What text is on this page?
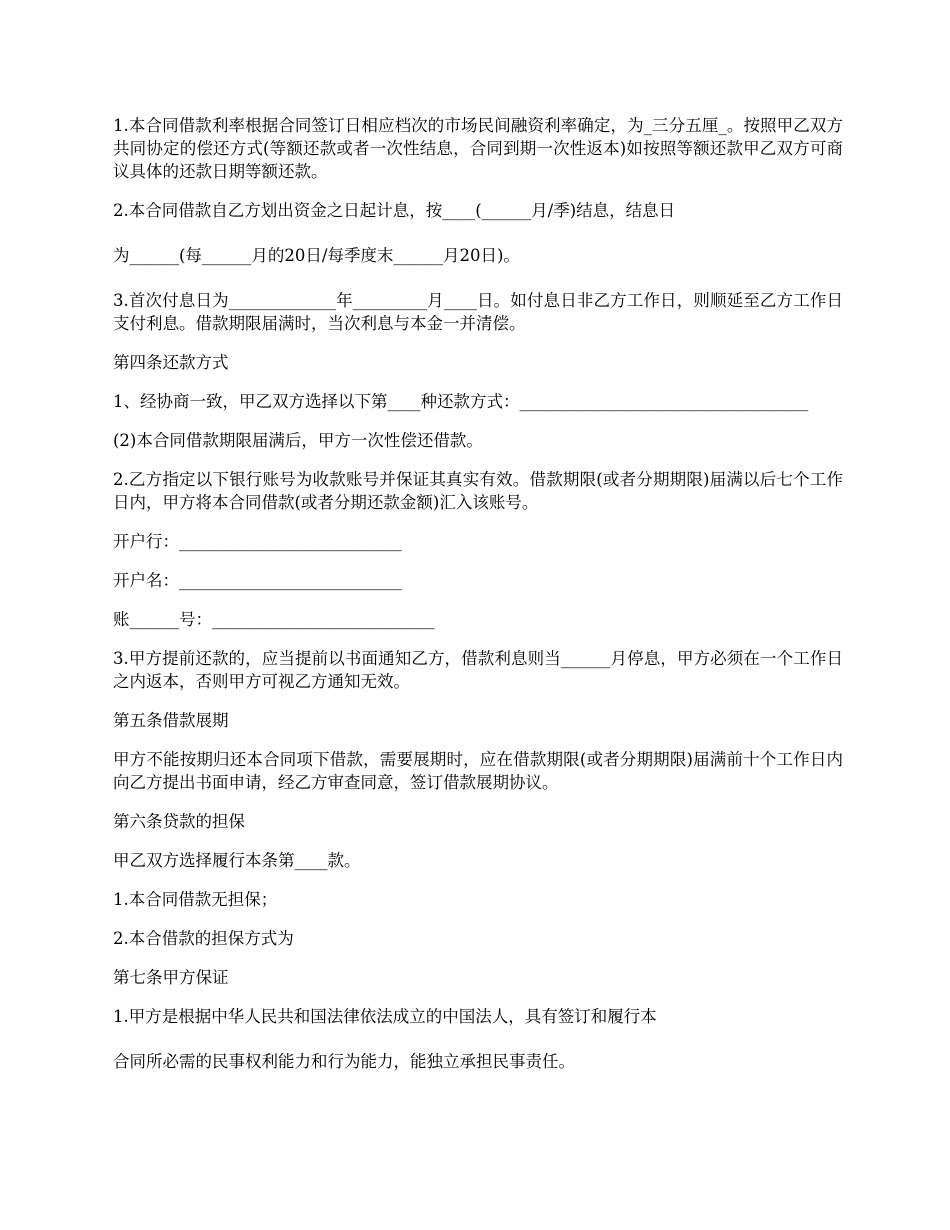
1.本合同借款利率根据合同签订日相应档次的市场民间融资利率确定，为_三分五厘_。按照甲乙双方共同协定的偿还方式(等额还款或者一次性结息，合同到期一次性返本)如按照等额还款甲乙双方可商议具体的还款日期等额还款。

2.本合同借款自乙方划出资金之日起计息，按____(______月/季)结息，结息日

为______(每______月的20日/每季度末______月20日)。

3.首次付息日为_____________年_________月____日。如付息日非乙方工作日，则顺延至乙方工作日支付利息。借款期限届满时，当次利息与本金一并清偿。

第四条还款方式

1、经协商一致，甲乙双方选择以下第____种还款方式：___________________________________

(2)本合同借款期限届满后，甲方一次性偿还借款。

2.乙方指定以下银行账号为收款账号并保证其真实有效。借款期限(或者分期期限)届满以后七个工作日内，甲方将本合同借款(或者分期还款金额)汇入该账号。

开户行：___________________________

开户名：___________________________

账______号：___________________________

3.甲方提前还款的，应当提前以书面通知乙方，借款利息则当______月停息，甲方必须在一个工作日之内返本，否则甲方可视乙方通知无效。

第五条借款展期

甲方不能按期归还本合同项下借款，需要展期时，应在借款期限(或者分期期限)届满前十个工作日内向乙方提出书面申请，经乙方审查同意，签订借款展期协议。

第六条贷款的担保

甲乙双方选择履行本条第____款。

1.本合同借款无担保；

2.本合借款的担保方式为

第七条甲方保证

1.甲方是根据中华人民共和国法律依法成立的中国法人，具有签订和履行本

合同所必需的民事权利能力和行为能力，能独立承担民事责任。
